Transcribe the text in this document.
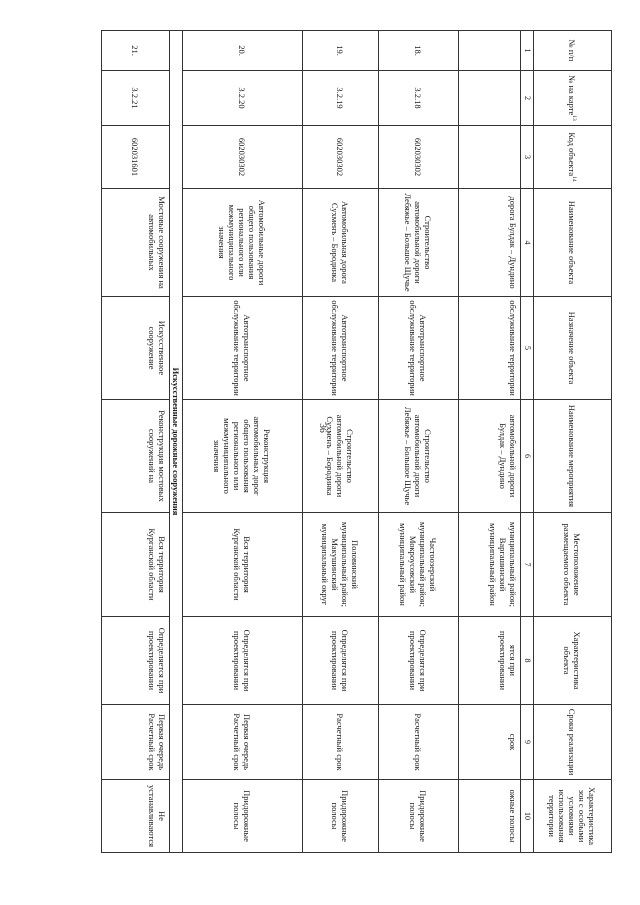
36
№ п/п	№ на карте$^{13}$	Код объекта$^{14}$	Наименование объекта	Назначение объекта	Наименование мероприятия	Местоположение размещаемого объекта	Характеристика объекта	Сроки реализации	Характеристика зон с особыми условиями использования территории
1	2	3	4	5	6	7	8	9	10
			дорога Булдак – Дундино	обслуживание территории	автомобильной дороги Булдак – Дундино	муниципальный район; Варгашинский муниципальный район	ятся при проектировании	срок	ожные полосы
18.	3.2.18	602030302	Строительство автомобильной дороги Лебяжье – Большое Щучье	Автотранспортное обслуживание территории	Строительство автомобильной дороги Лебяжье – Большое Щучье	Частоозерский муниципальный район; Мокроусовский муниципальный район	Определятся при проектировании	Расчетный срок	Придорожные полосы
19.	3.2.19	602030302	Автомобильная дорога Сухменъ – Бородинка	Автотранспортное обслуживание территории	Строительство автомобильной дороги Сухменъ – Бородинка	Половинский муниципальный район; Макушинский муниципальный округ	Определятся при проектировании	Расчетный срок	Придорожные полосы
20.	3.2.20	602030302	Автомобильные дороги общего пользования регионального или межмуниципального значения	Автотранспортное обслуживание территории	Реконструкция автомобильных дорог общего пользования регионального или межмуниципального значения	Вся территория Курганской области	Определятся при проектировании	Первая очередь Расчетный срок	Придорожные полосы
Искусственные дорожные сооружения									
21.	3.2.21	602031601	Мостовые сооружения на автомобильных	Искусственное сооружение	Реконструкция мостовых сооружений на	Вся территория Курганской области	Определяется при проектировании	Первая очередь Расчетный срок	Не устанавливаются
